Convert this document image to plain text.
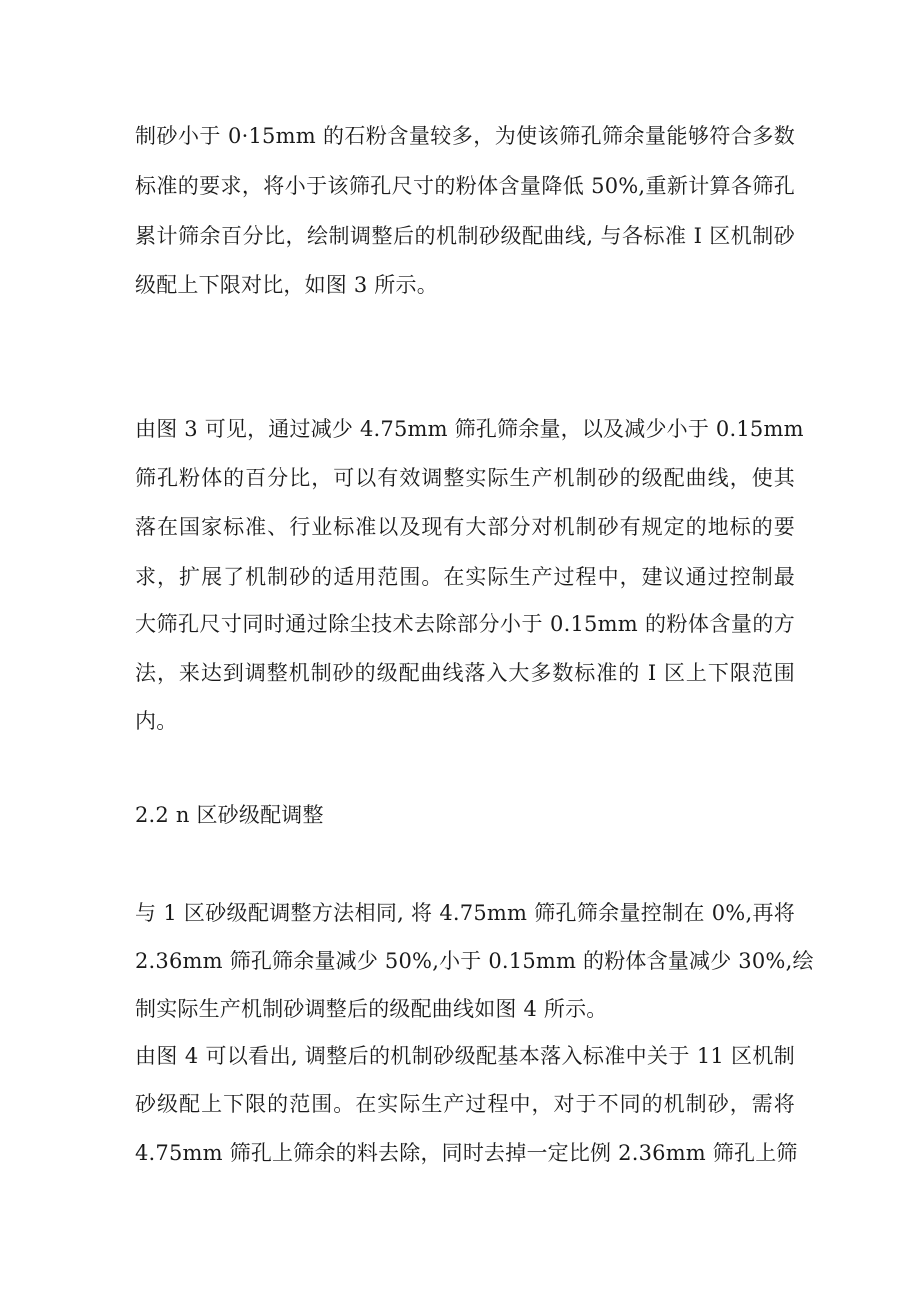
制砂小于 0·15mm 的石粉含量较多，为使该筛孔筛余量能够符合多数
标准的要求，将小于该筛孔尺寸的粉体含量降低 50%,重新计算各筛孔
累计筛余百分比，绘制调整后的机制砂级配曲线, 与各标准 I 区机制砂
级配上下限对比，如图 3 所示。
由图 3 可见，通过减少 4.75mm 筛孔筛余量，以及减少小于 0.15mm
筛孔粉体的百分比，可以有效调整实际生产机制砂的级配曲线，使其
落在国家标准、行业标准以及现有大部分对机制砂有规定的地标的要
求，扩展了机制砂的适用范围。在实际生产过程中，建议通过控制最
大筛孔尺寸同时通过除尘技术去除部分小于 0.15mm 的粉体含量的方
法，来达到调整机制砂的级配曲线落入大多数标准的 I 区上下限范围
内。
2.2 n 区砂级配调整
与 1 区砂级配调整方法相同, 将 4.75mm 筛孔筛余量控制在 0%,再将
2.36mm 筛孔筛余量减少 50%,小于 0.15mm 的粉体含量减少 30%,绘
制实际生产机制砂调整后的级配曲线如图 4 所示。
由图 4 可以看出, 调整后的机制砂级配基本落入标准中关于 11 区机制
砂级配上下限的范围。在实际生产过程中，对于不同的机制砂，需将
4.75mm 筛孔上筛余的料去除，同时去掉一定比例 2.36mm 筛孔上筛
